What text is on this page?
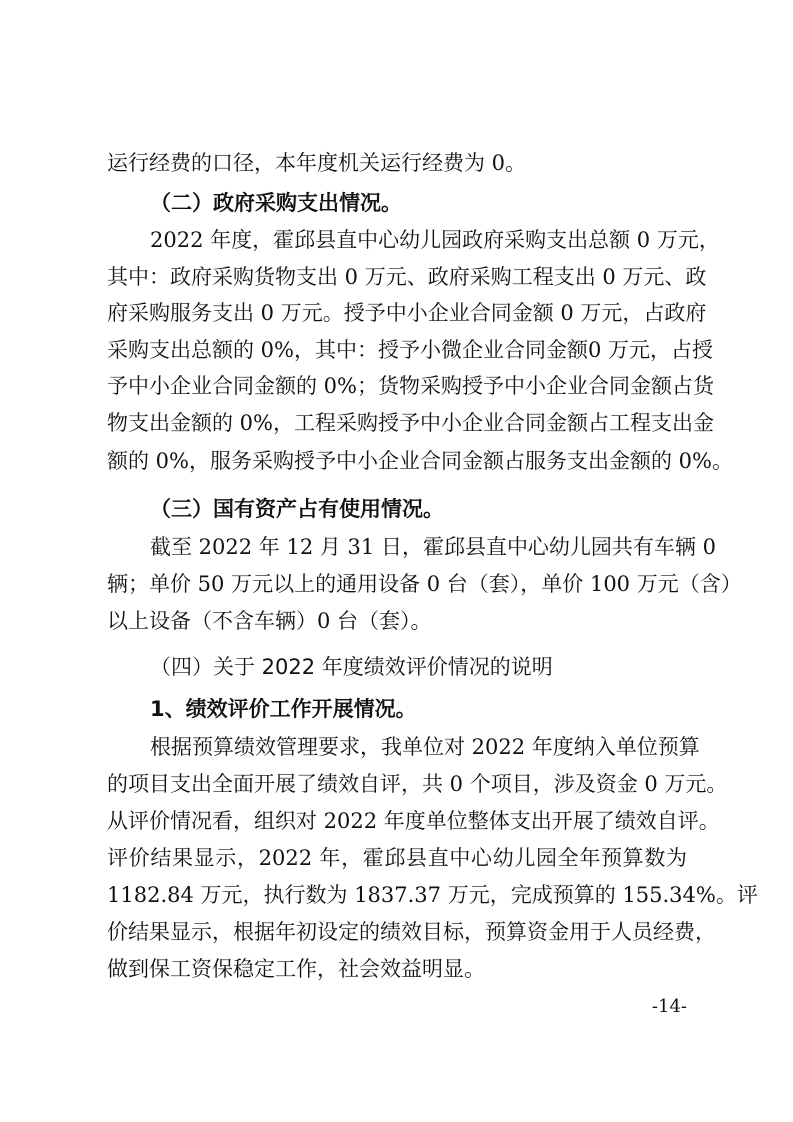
运行经费的口径，本年度机关运行经费为 0。
（二）政府采购支出情况。
2022 年度，霍邱县直中心幼儿园政府采购支出总额 0 万元，
其中：政府采购货物支出 0 万元、政府采购工程支出 0 万元、政
府采购服务支出 0 万元。授予中小企业合同金额 0 万元，占政府
采购支出总额的 0%，其中：授予小微企业合同金额0 万元，占授
予中小企业合同金额的 0%；货物采购授予中小企业合同金额占货
物支出金额的 0%，工程采购授予中小企业合同金额占工程支出金
额的 0%，服务采购授予中小企业合同金额占服务支出金额的 0%。
（三）国有资产占有使用情况。
截至 2022 年 12 月 31 日，霍邱县直中心幼儿园共有车辆 0
辆；单价 50 万元以上的通用设备 0 台（套），单价 100 万元（含）
以上设备（不含车辆）0 台（套）。
（四）关于 2022 年度绩效评价情况的说明
1、绩效评价工作开展情况。
根据预算绩效管理要求，我单位对 2022 年度纳入单位预算
的项目支出全面开展了绩效自评，共 0 个项目，涉及资金 0 万元。
从评价情况看，组织对 2022 年度单位整体支出开展了绩效自评。
评价结果显示，2022 年，霍邱县直中心幼儿园全年预算数为
1182.84 万元，执行数为 1837.37 万元，完成预算的 155.34%。评
价结果显示，根据年初设定的绩效目标，预算资金用于人员经费，
做到保工资保稳定工作，社会效益明显。
-14-
